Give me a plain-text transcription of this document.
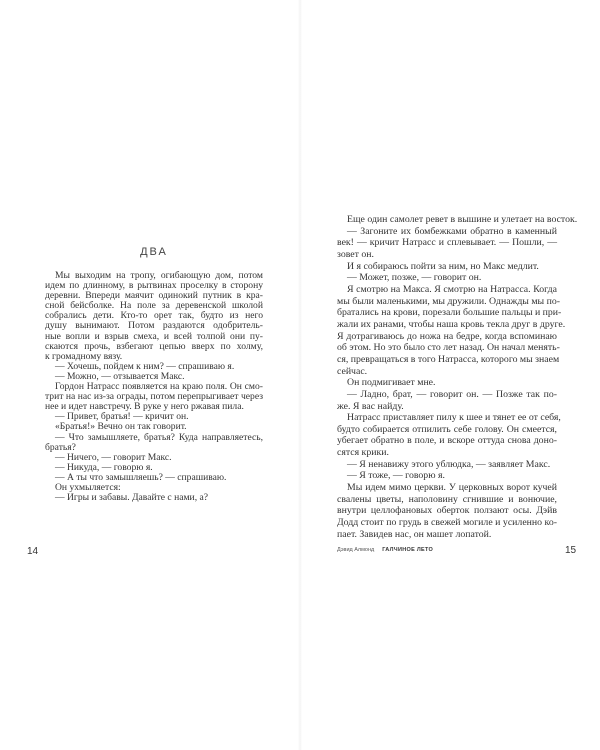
ДВА
Мы выходим на тропу, огибающую дом, потом
идем по длинному, в рытвинах проселку в сторону
деревни. Впереди маячит одинокий путник в кра-
сной бейсболке. На поле за деревенской школой
собрались дети. Кто-то орет так, будто из него
душу вынимают. Потом раздаются одобритель-
ные вопли и взрыв смеха, и всей толпой они пу-
скаются прочь, взбегают цепью вверх по холму,
к громадному вязу.
— Хочешь, пойдем к ним? — спрашиваю я.
— Можно, — отзывается Макс.
Гордон Натрасс появляется на краю поля. Он смо-
трит на нас из-за ограды, потом перепрыгивает через
нее и идет навстречу. В руке у него ржавая пила.
— Привет, братья! — кричит он.
«Братья!» Вечно он так говорит.
— Что замышляете, братья? Куда направляетесь,
братья?
— Ничего, — говорит Макс.
— Никуда, — говорю я.
— А ты что замышляешь? — спрашиваю.
Он ухмыляется:
— Игры и забавы. Давайте с нами, а?
14
Еще один самолет ревет в вышине и улетает на восток.
— Загоните их бомбежками обратно в каменный
век! — кричит Натрасс и сплевывает. — Пошли, —
зовет он.
И я собираюсь пойти за ним, но Макс медлит.
— Может, позже, — говорит он.
Я смотрю на Макса. Я смотрю на Натрасса. Когда
мы были маленькими, мы дружили. Однажды мы по-
братались на крови, порезали большие пальцы и при-
жали их ранами, чтобы наша кровь текла друг в друге.
Я дотрагиваюсь до ножа на бедре, когда вспоминаю
об этом. Но это было сто лет назад. Он начал менять-
ся, превращаться в того Натрасса, которого мы знаем
сейчас.
Он подмигивает мне.
— Ладно, брат, — говорит он. — Позже так по-
же. Я вас найду.
Натрасс приставляет пилу к шее и тянет ее от себя,
будто собирается отпилить себе голову. Он смеется,
убегает обратно в поле, и вскоре оттуда снова доно-
сятся крики.
— Я ненавижу этого ублюдка, — заявляет Макс.
— Я тоже, — говорю я.
Мы идем мимо церкви. У церковных ворот кучей
свалены цветы, наполовину сгнившие и вонючие,
внутри целлофановых оберток ползают осы. Дэйв
Додд стоит по грудь в свежей могиле и усиленно ко-
пает. Завидев нас, он машет лопатой.
Дэвид Алмонд ГАЛЧИНОЕ ЛЕТО	15
